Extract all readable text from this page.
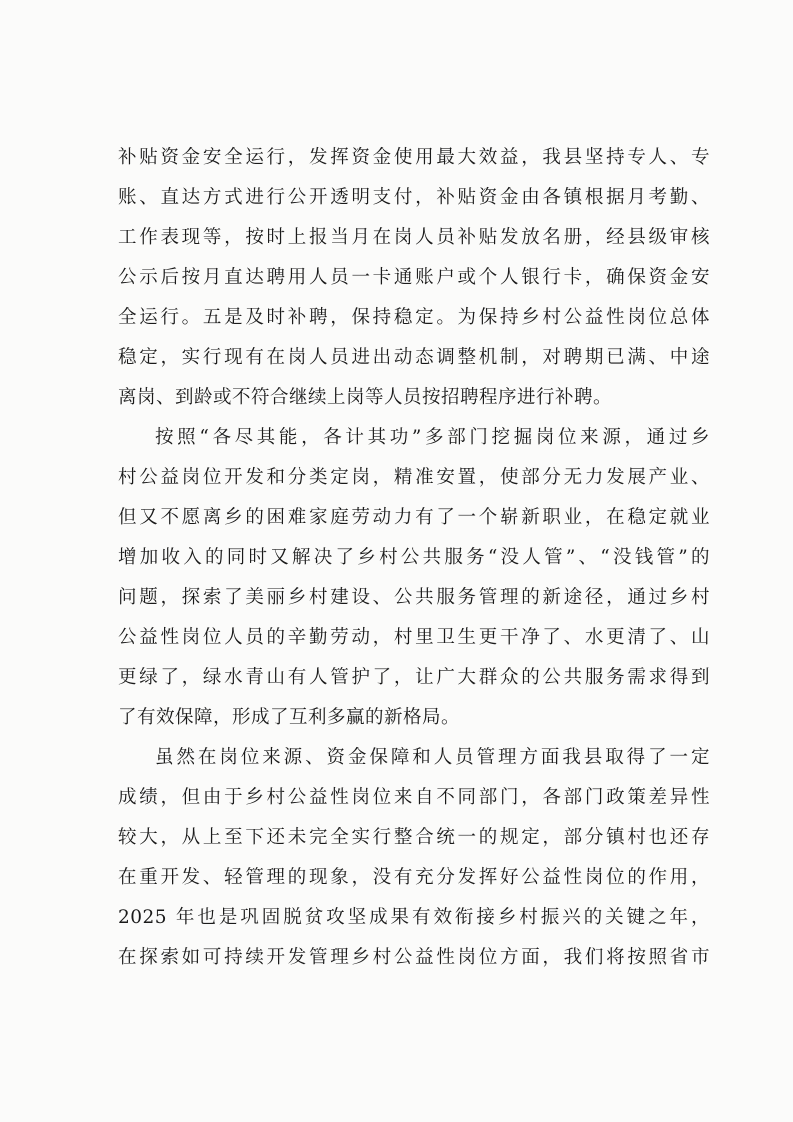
补贴资金安全运行，发挥资金使用最大效益，我县坚持专人、专
账、直达方式进行公开透明支付，补贴资金由各镇根据月考勤、
工作表现等，按时上报当月在岗人员补贴发放名册，经县级审核
公示后按月直达聘用人员一卡通账户或个人银行卡，确保资金安
全运行。五是及时补聘，保持稳定。为保持乡村公益性岗位总体
稳定，实行现有在岗人员进出动态调整机制，对聘期已满、中途
离岗、到龄或不符合继续上岗等人员按招聘程序进行补聘。
按照“各尽其能，各计其功”多部门挖掘岗位来源，通过乡
村公益岗位开发和分类定岗，精准安置，使部分无力发展产业、
但又不愿离乡的困难家庭劳动力有了一个崭新职业，在稳定就业
增加收入的同时又解决了乡村公共服务“没人管”、“没钱管”的
问题，探索了美丽乡村建设、公共服务管理的新途径，通过乡村
公益性岗位人员的辛勤劳动，村里卫生更干净了、水更清了、山
更绿了，绿水青山有人管护了，让广大群众的公共服务需求得到
了有效保障，形成了互利多赢的新格局。
虽然在岗位来源、资金保障和人员管理方面我县取得了一定
成绩，但由于乡村公益性岗位来自不同部门，各部门政策差异性
较大，从上至下还未完全实行整合统一的规定，部分镇村也还存
在重开发、轻管理的现象，没有充分发挥好公益性岗位的作用，
2025 年也是巩固脱贫攻坚成果有效衔接乡村振兴的关键之年，
在探索如可持续开发管理乡村公益性岗位方面，我们将按照省市
